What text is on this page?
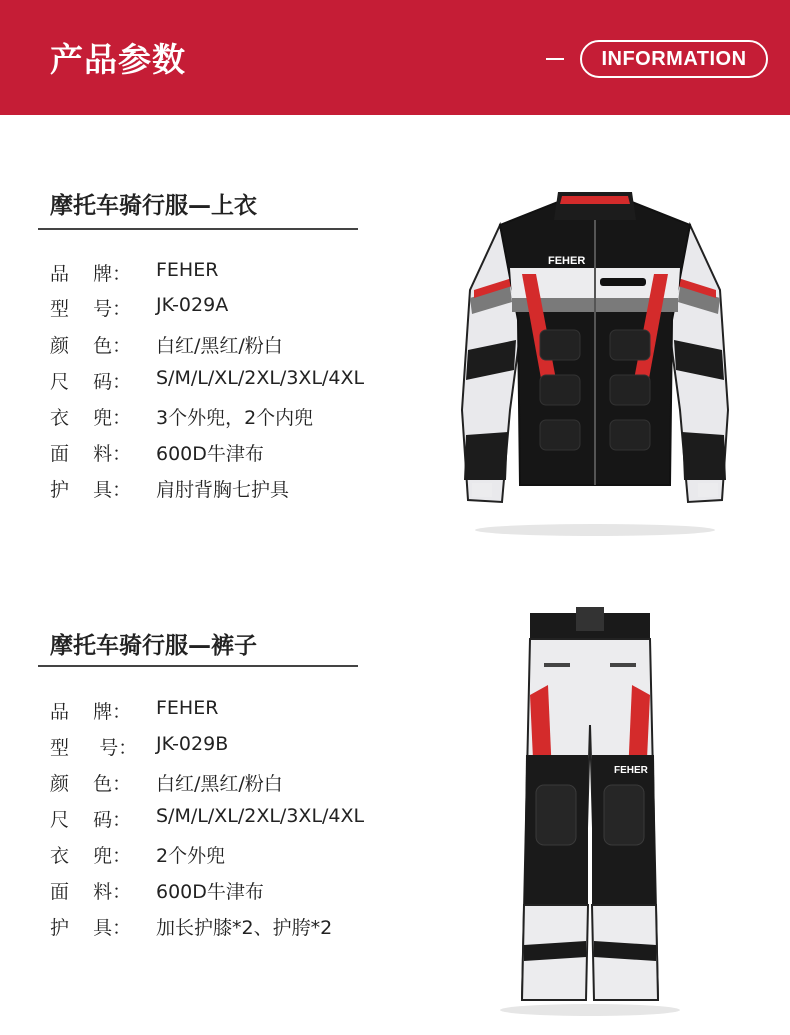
产品参数	INFORMATION
摩托车骑行服—上衣
品    牌：	FEHER
型    号：	JK-029A
颜    色：	白红/黑红/粉白
尺    码：	S/M/L/XL/2XL/3XL/4XL
衣    兜：	3个外兜，2个内兜
面    料：	600D牛津布
护    具：	肩肘背胸七护具
FEHER
摩托车骑行服—裤子
品    牌：	FEHER
型     号： JK-029B
颜    色：	白红/黑红/粉白
尺    码：	S/M/L/XL/2XL/3XL/4XL
衣    兜：	2个外兜
面    料：	600D牛津布
护    具：	加长护膝*2、护胯*2
FEHER
